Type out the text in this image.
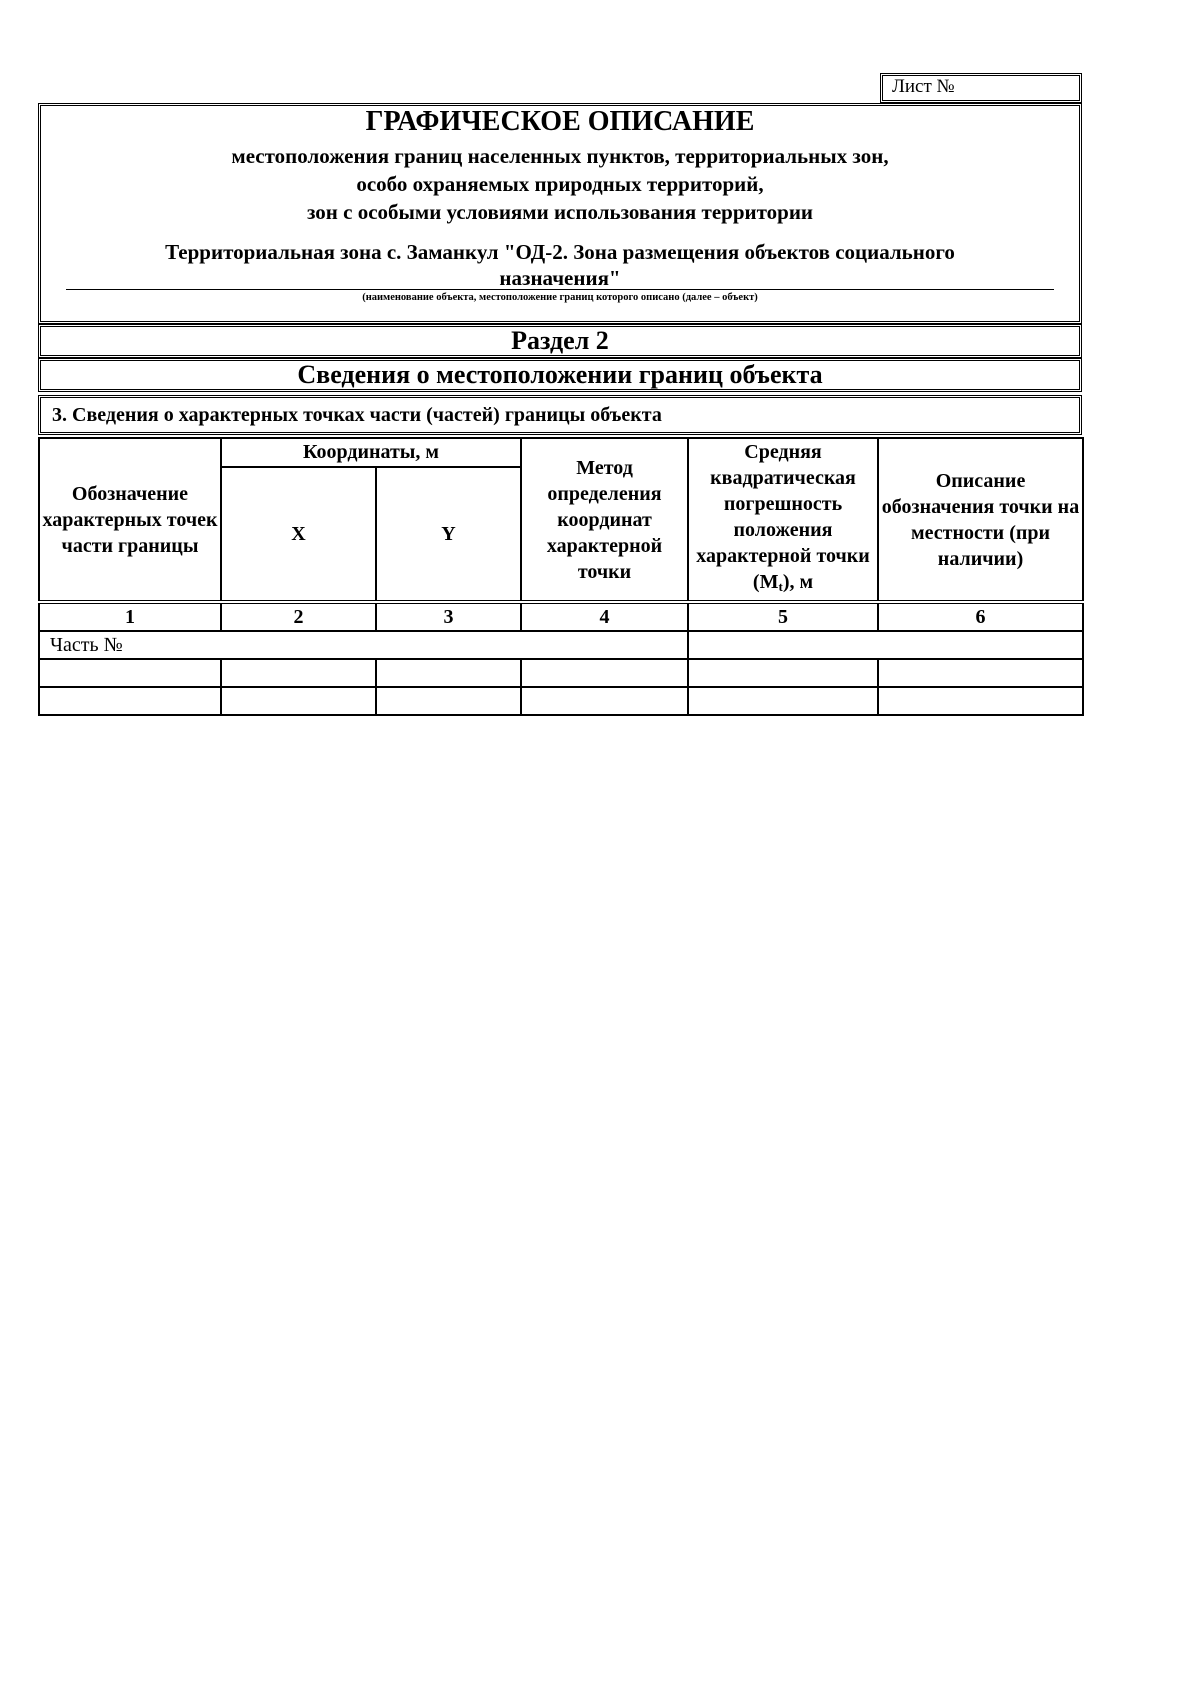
Лист №
ГРАФИЧЕСКОЕ ОПИСАНИЕ
местоположения границ населенных пунктов, территориальных зон,
особо охраняемых природных территорий,
зон с особыми условиями использования территории
Территориальная зона с. Заманкул "ОД-2. Зона размещения объектов социального
назначения"
(наименование объекта, местоположение границ которого описано (далее – объект)
Раздел 2
Сведения о местоположении границ объекта
3. Сведения о характерных точках части (частей) границы объекта
Обозначение характерных точек части границы	Координаты, м		Метод определения координат характерной точки	Средняя квадратическая погрешность положения характерной точки $(M_t)$, м	Описание обозначения точки на местности (при наличии)
	X	Y			
1	2	3	4	5	6
Часть №					
